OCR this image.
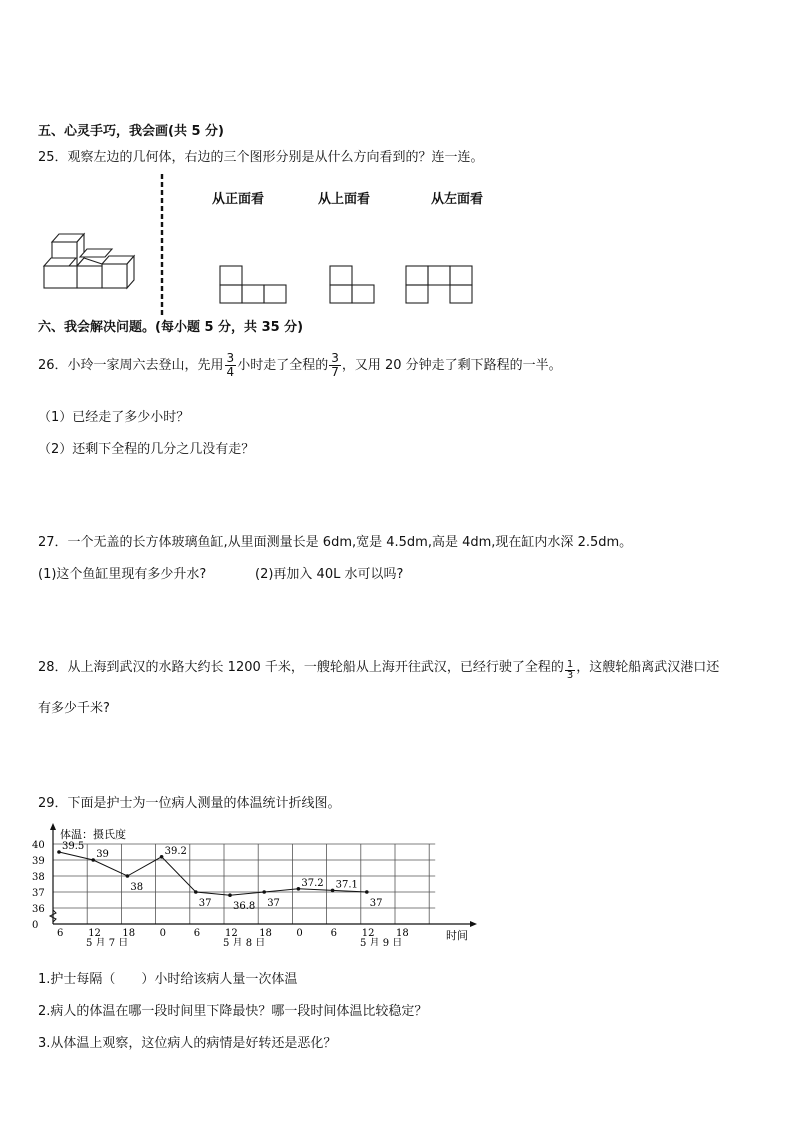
五、心灵手巧，我会画(共 5 分)
25．观察左边的几何体，右边的三个图形分别是从什么方向看到的？连一连。
从正面看	从上面看	从左面看
六、我会解决问题。(每小题 5 分，共 35 分)
26．小玲一家周六去登山，先用 $\frac{3}{4}$ 小时走了全程的 $\frac{3}{7}$ ，又用 20 分钟走了剩下路程的一半。
（1）已经走了多少小时？
（2）还剩下全程的几分之几没有走？
27．一个无盖的长方体玻璃鱼缸,从里面测量长是 6dm,宽是 4.5dm,高是 4dm,现在缸内水深 2.5dm。
(1)这个鱼缸里现有多少升水?	(2)再加入 40L 水可以吗?
28．从上海到武汉的水路大约长 1200 千米，一艘轮船从上海开往武汉，已经行驶了全程的 $\frac{1}{3}$ ，这艘轮船离武汉港口还
有多少千米?
29．下面是护士为一位病人测量的体温统计折线图。
体温：摄氏度
时间
0
36
37
38
39
40
6 12 18 0	6 12 18 0	6 12 18
5 月 7 日	5 月 8 日	5 月 9 日
39.5
39
38
39.2
37 36.8 37
37.2 37.1
37
1.护士每隔（　　）小时给该病人量一次体温
2.病人的体温在哪一段时间里下降最快？哪一段时间体温比较稳定？
3.从体温上观察，这位病人的病情是好转还是恶化？
